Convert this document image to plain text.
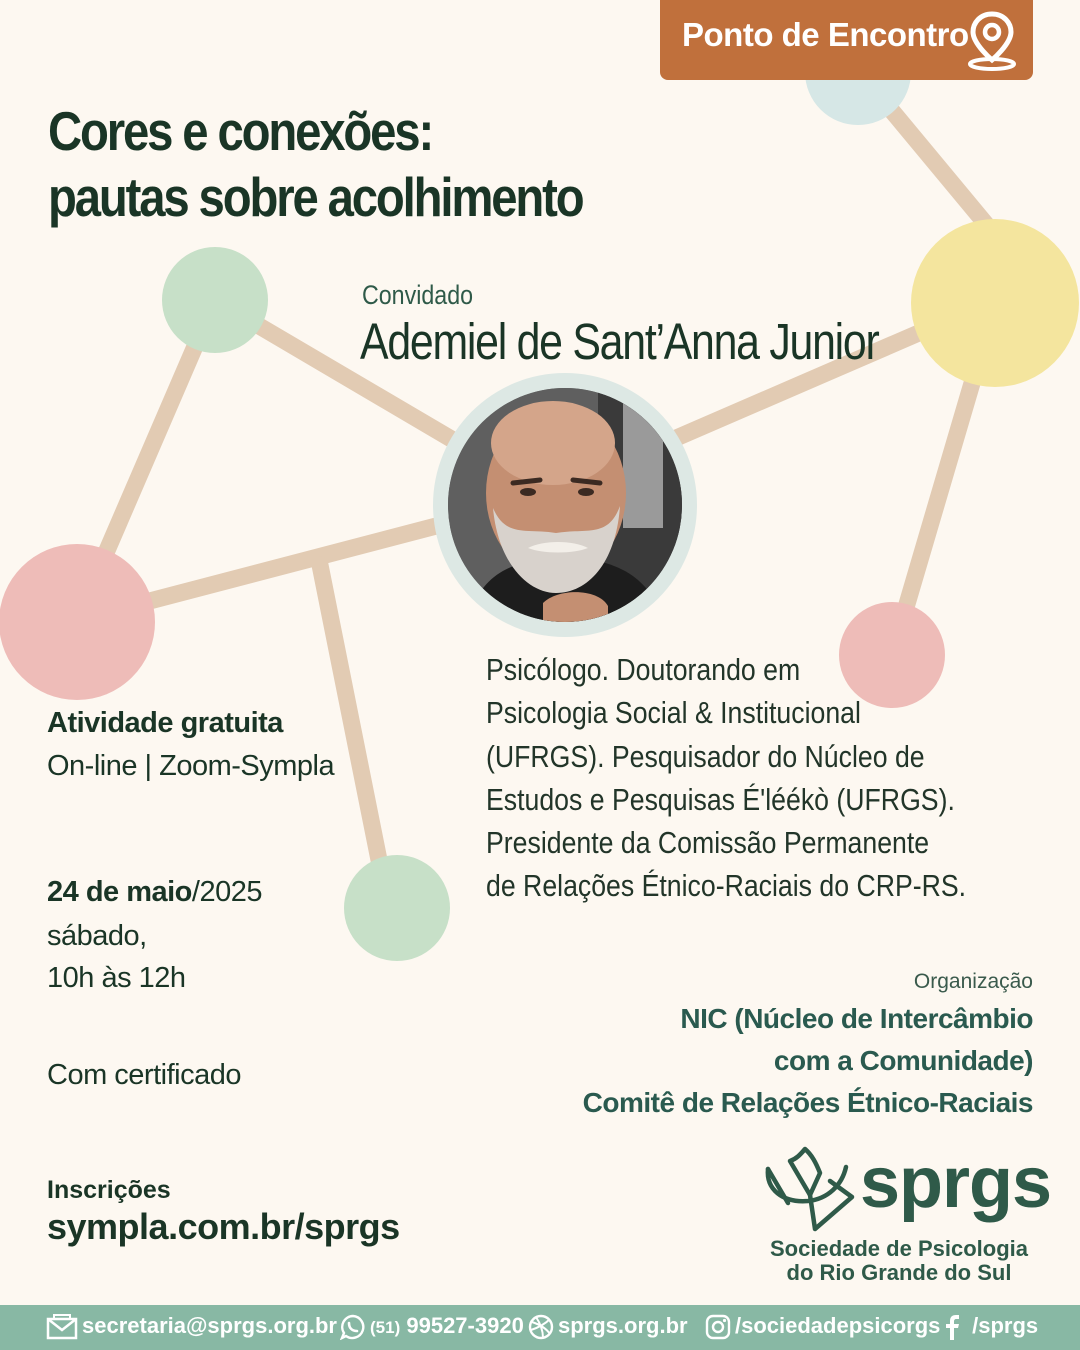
Ponto de Encontro
Cores e conexões:
pautas sobre acolhimento
Convidado
Ademiel de Sant’Anna Junior
Psicólogo. Doutorando em
Psicologia Social & Institucional
(UFRGS). Pesquisador do Núcleo de
Estudos e Pesquisas É'léékò (UFRGS).
Presidente da Comissão Permanente
de Relações Étnico-Raciais do CRP-RS.
Atividade gratuita
On-line | Zoom-Sympla
24 de maio/2025
sábado,
10h às 12h
Com certificado
Organização
NIC (Núcleo de Intercâmbio
com a Comunidade)
Comitê de Relações Étnico-Raciais
Inscrições
sympla.com.br/sprgs
sprgs
Sociedade de Psicologia
do Rio Grande do Sul
secretaria@sprgs.org.br	(51) 99527-3920	sprgs.org.br	/sociedadepsicorgs	/sprgs
